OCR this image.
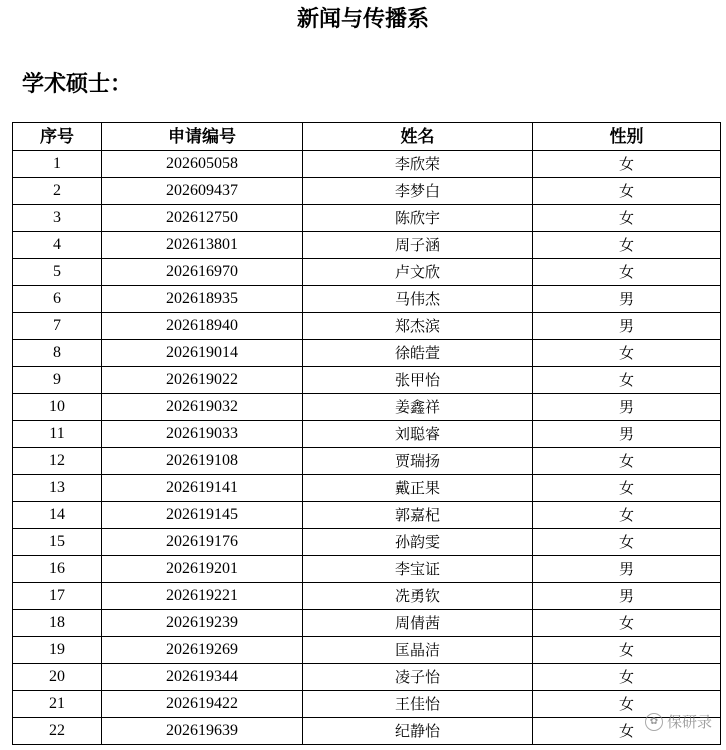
新闻与传播系
学术硕士：
序号	申请编号	姓名	性别
1	202605058	李欣荣	女
2	202609437	李梦白	女
3	202612750	陈欣宇	女
4	202613801	周子涵	女
5	202616970	卢文欣	女
6	202618935	马伟杰	男
7	202618940	郑杰滨	男
8	202619014	徐皓萱	女
9	202619022	张甲怡	女
10	202619032	姜鑫祥	男
11	202619033	刘聪睿	男
12	202619108	贾瑞扬	女
13	202619141	戴正果	女
14	202619145	郭嘉杞	女
15	202619176	孙韵雯	女
16	202619201	李宝证	男
17	202619221	冼勇钦	男
18	202619239	周倩茜	女
19	202619269	匡晶洁	女
20	202619344	凌子怡	女
21	202619422	王佳怡	女
22	202619639	纪静怡	女
✿ 保研录
